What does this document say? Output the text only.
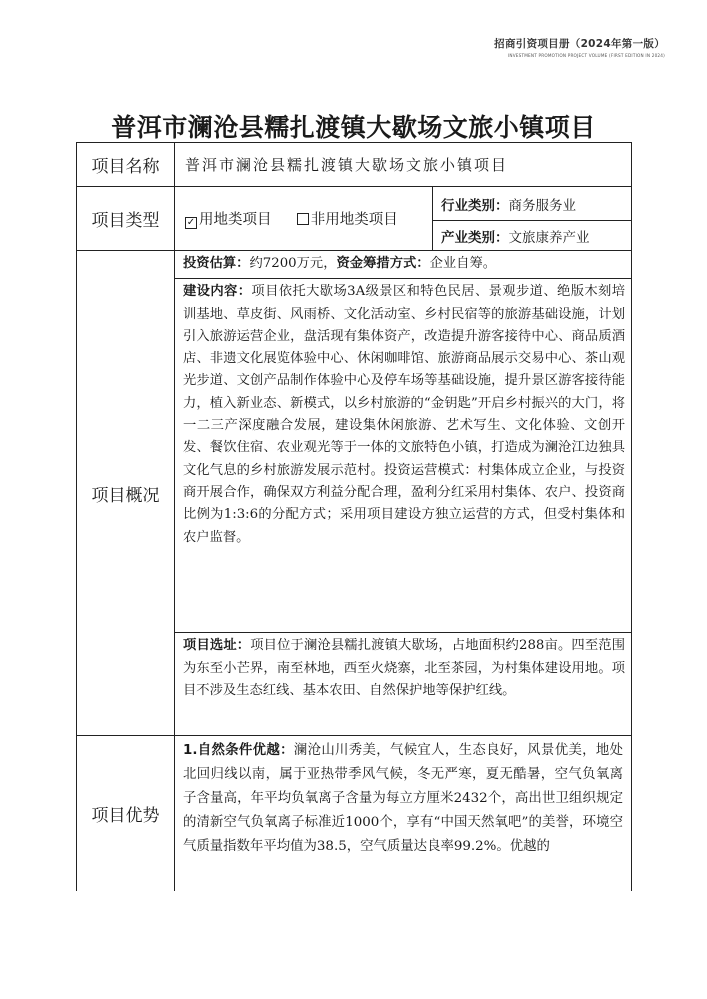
招商引资项目册（2024年第一版）
INVESTMENT PROMOTION PROJECT VOLUME (FIRST EDITION IN 2024)
普洱市澜沧县糯扎渡镇大歇场文旅小镇项目
项目名称	普洱市澜沧县糯扎渡镇大歇场文旅小镇项目	
项目类型	✓ 用地类项目 非用地类项目	行业类别：商务服务业
		产业类别：文旅康养产业
项目概况	投资估算：约7200万元，资金筹措方式：企业自筹。	
	建设内容：项目依托大歇场3A级景区和特色民居、景观步道、绝版木刻培训基地、草皮街、风雨桥、文化活动室、乡村民宿等的旅游基础设施，计划引入旅游运营企业，盘活现有集体资产，改造提升游客接待中心、商品质酒店、非遗文化展览体验中心、休闲咖啡馆、旅游商品展示交易中心、茶山观光步道、文创产品制作体验中心及停车场等基础设施，提升景区游客接待能力，植入新业态、新模式，以乡村旅游的“金钥匙”开启乡村振兴的大门，将一二三产深度融合发展，建设集休闲旅游、艺术写生、文化体验、文创开发、餐饮住宿、农业观光等于一体的文旅特色小镇，打造成为澜沧江边独具文化气息的乡村旅游发展示范村。投资运营模式：村集体成立企业，与投资商开展合作，确保双方利益分配合理，盈利分红采用村集体、农户、投资商比例为1:3:6的分配方式；采用项目建设方独立运营的方式，但受村集体和农户监督。	
	项目选址：项目位于澜沧县糯扎渡镇大歇场，占地面积约288亩。四至范围为东至小芒界，南至林地，西至火烧寨，北至茶园，为村集体建设用地。项目不涉及生态红线、基本农田、自然保护地等保护红线。	
项目优势	1.自然条件优越：澜沧山川秀美，气候宜人，生态良好，风景优美，地处北回归线以南，属于亚热带季风气候，冬无严寒，夏无酷暑，空气负氧离子含量高，年平均负氧离子含量为每立方厘米2432个，高出世卫组织规定的清新空气负氧离子标准近1000个，享有“中国天然氧吧”的美誉，环境空气质量指数年平均值为38.5，空气质量达良率99.2%。优越的	
